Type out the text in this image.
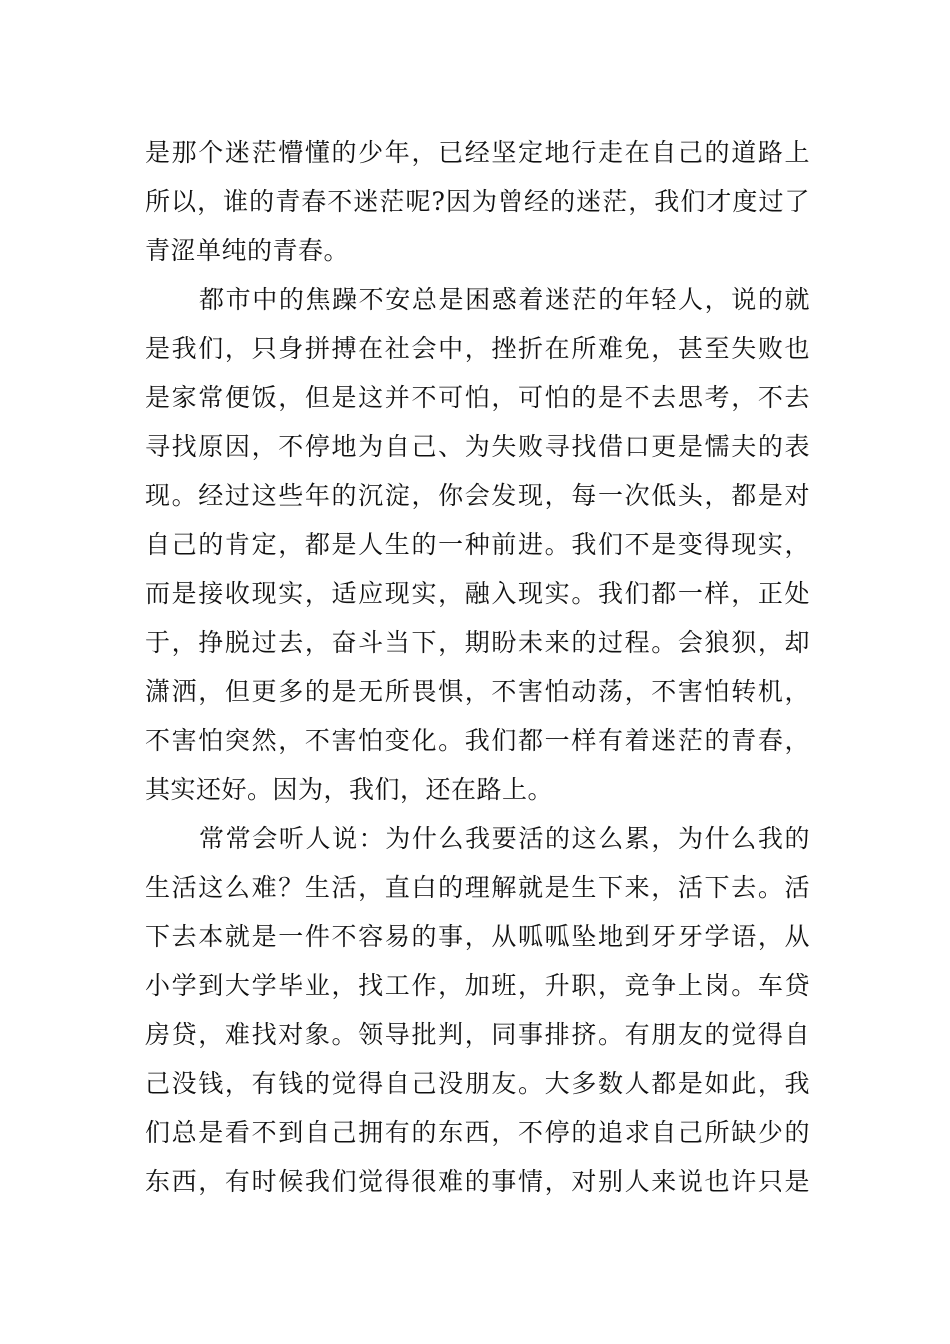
是那个迷茫懵懂的少年，已经坚定地行走在自己的道路上
所以，谁的青春不迷茫呢?因为曾经的迷茫，我们才度过了
青涩单纯的青春。
都市中的焦躁不安总是困惑着迷茫的年轻人，说的就
是我们，只身拼搏在社会中，挫折在所难免，甚至失败也
是家常便饭，但是这并不可怕，可怕的是不去思考，不去
寻找原因，不停地为自己、为失败寻找借口更是懦夫的表
现。经过这些年的沉淀，你会发现，每一次低头，都是对
自己的肯定，都是人生的一种前进。我们不是变得现实，
而是接收现实，适应现实，融入现实。我们都一样，正处
于，挣脱过去，奋斗当下，期盼未来的过程。会狼狈，却
潇洒，但更多的是无所畏惧，不害怕动荡，不害怕转机，
不害怕突然，不害怕变化。我们都一样有着迷茫的青春，
其实还好。因为，我们，还在路上。
常常会听人说：为什么我要活的这么累，为什么我的
生活这么难？生活，直白的理解就是生下来，活下去。活
下去本就是一件不容易的事，从呱呱坠地到牙牙学语，从
小学到大学毕业，找工作，加班，升职，竞争上岗。车贷
房贷，难找对象。领导批判，同事排挤。有朋友的觉得自
己没钱，有钱的觉得自己没朋友。大多数人都是如此，我
们总是看不到自己拥有的东西，不停的追求自己所缺少的
东西，有时候我们觉得很难的事情，对别人来说也许只是
